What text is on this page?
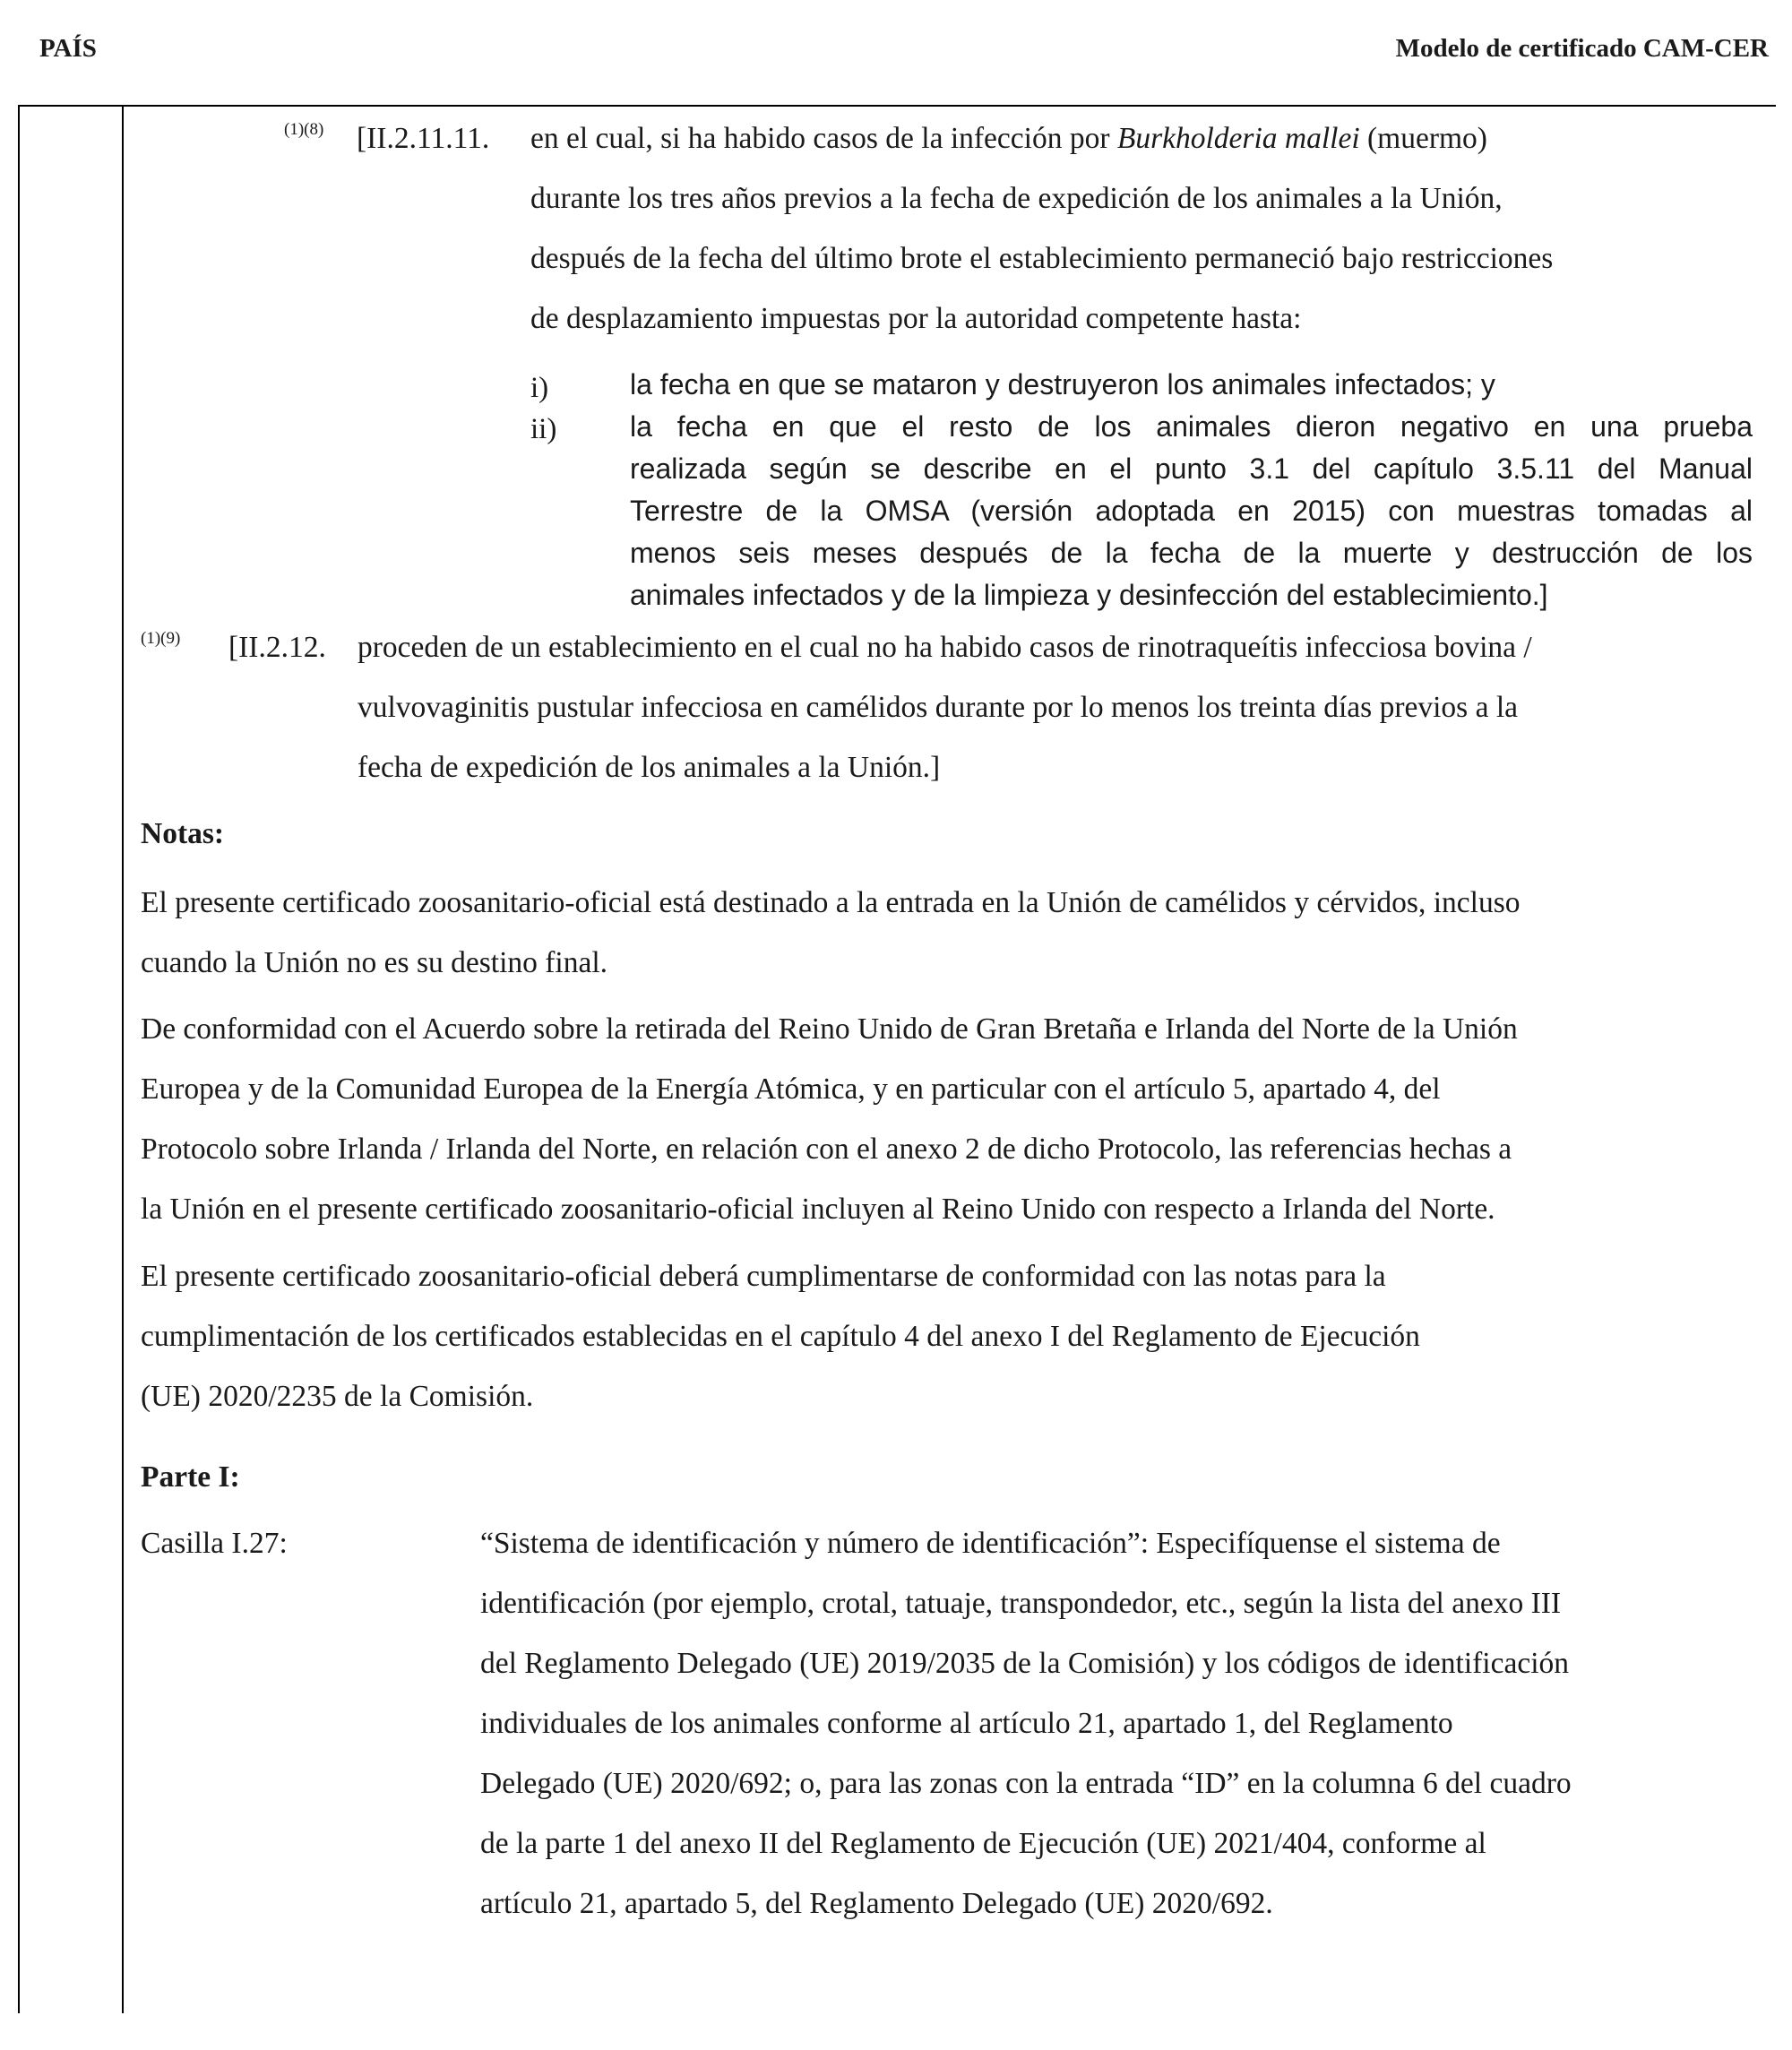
PAÍS	Modelo de certificado CAM-CER
(1)(8) [II.2.11.11. en el cual, si ha habido casos de la infección por Burkholderia mallei (muermo)
durante los tres años previos a la fecha de expedición de los animales a la Unión,
después de la fecha del último brote el establecimiento permaneció bajo restricciones
de desplazamiento impuestas por la autoridad competente hasta:
i)	la fecha en que se mataron y destruyeron los animales infectados; y
ii)	la fecha en que el resto de los animales dieron negativo en una prueba
realizada según se describe en el punto 3.1 del capítulo 3.5.11 del Manual
Terrestre de la OMSA (versión adoptada en 2015) con muestras tomadas al
menos seis meses después de la fecha de la muerte y destrucción de los
animales infectados y de la limpieza y desinfección del establecimiento.]
(1)(9) [II.2.12. proceden de un establecimiento en el cual no ha habido casos de rinotraqueítis infecciosa bovina /
vulvovaginitis pustular infecciosa en camélidos durante por lo menos los treinta días previos a la
fecha de expedición de los animales a la Unión.]
Notas:
El presente certificado zoosanitario-oficial está destinado a la entrada en la Unión de camélidos y cérvidos, incluso
cuando la Unión no es su destino final.
De conformidad con el Acuerdo sobre la retirada del Reino Unido de Gran Bretaña e Irlanda del Norte de la Unión
Europea y de la Comunidad Europea de la Energía Atómica, y en particular con el artículo 5, apartado 4, del
Protocolo sobre Irlanda / Irlanda del Norte, en relación con el anexo 2 de dicho Protocolo, las referencias hechas a
la Unión en el presente certificado zoosanitario-oficial incluyen al Reino Unido con respecto a Irlanda del Norte.
El presente certificado zoosanitario-oficial deberá cumplimentarse de conformidad con las notas para la
cumplimentación de los certificados establecidas en el capítulo 4 del anexo I del Reglamento de Ejecución
(UE) 2020/2235 de la Comisión.
Parte I:
Casilla I.27:	“Sistema de identificación y número de identificación”: Especifíquense el sistema de
identificación (por ejemplo, crotal, tatuaje, transpondedor, etc., según la lista del anexo III
del Reglamento Delegado (UE) 2019/2035 de la Comisión) y los códigos de identificación
individuales de los animales conforme al artículo 21, apartado 1, del Reglamento
Delegado (UE) 2020/692; o, para las zonas con la entrada “ID” en la columna 6 del cuadro
de la parte 1 del anexo II del Reglamento de Ejecución (UE) 2021/404, conforme al
artículo 21, apartado 5, del Reglamento Delegado (UE) 2020/692.
